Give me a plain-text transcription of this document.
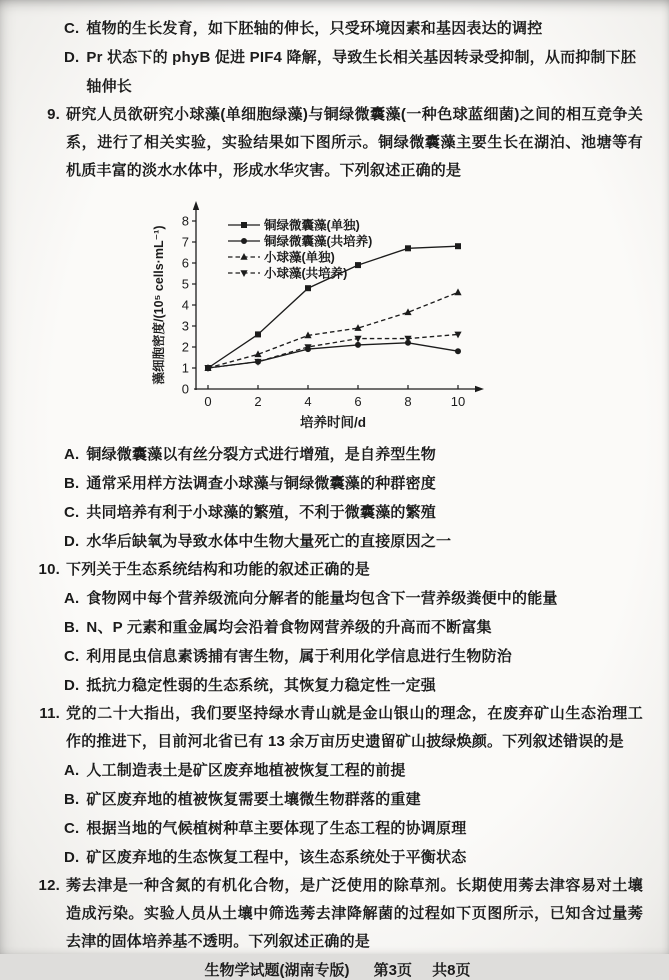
C. 植物的生长发育，如下胚轴的伸长，只受环境因素和基因表达的调控
D. Pr 状态下的 phyB 促进 PIF4 降解，导致生长相关基因转录受抑制，从而抑制下胚轴伸长
9. 研究人员欲研究小球藻(单细胞绿藻)与铜绿微囊藻(一种色球蓝细菌)之间的相互竞争关系，进行了相关实验，实验结果如下图所示。铜绿微囊藻主要生长在湖泊、池塘等有机质丰富的淡水水体中，形成水华灾害。下列叙述正确的是
0
1
2
3
4
5
6
7
8
0	2	4	6	8	10
培养时间/d
藻细胞密度/(10⁵ cells·mL⁻¹)	铜绿微囊藻(单独)
铜绿微囊藻(共培养)
小球藻(单独)
小球藻(共培养)
A. 铜绿微囊藻以有丝分裂方式进行增殖，是自养型生物
B. 通常采用样方法调查小球藻与铜绿微囊藻的种群密度
C. 共同培养有利于小球藻的繁殖，不利于微囊藻的繁殖
D. 水华后缺氧为导致水体中生物大量死亡的直接原因之一
10. 下列关于生态系统结构和功能的叙述正确的是
A. 食物网中每个营养级流向分解者的能量均包含下一营养级粪便中的能量
B. N、P 元素和重金属均会沿着食物网营养级的升高而不断富集
C. 利用昆虫信息素诱捕有害生物，属于利用化学信息进行生物防治
D. 抵抗力稳定性弱的生态系统，其恢复力稳定性一定强
11. 党的二十大指出，我们要坚持绿水青山就是金山银山的理念，在废弃矿山生态治理工作的推进下，目前河北省已有 13 余万亩历史遗留矿山披绿焕颜。下列叙述错误的是
A. 人工制造表土是矿区废弃地植被恢复工程的前提
B. 矿区废弃地的植被恢复需要土壤微生物群落的重建
C. 根据当地的气候植树种草主要体现了生态工程的协调原理
D. 矿区废弃地的生态恢复工程中，该生态系统处于平衡状态
12. 莠去津是一种含氮的有机化合物，是广泛使用的除草剂。长期使用莠去津容易对土壤造成污染。实验人员从土壤中筛选莠去津降解菌的过程如下页图所示，已知含过量莠去津的固体培养基不透明。下列叙述正确的是
生物学试题(湖南专版) 第3页 共8页
